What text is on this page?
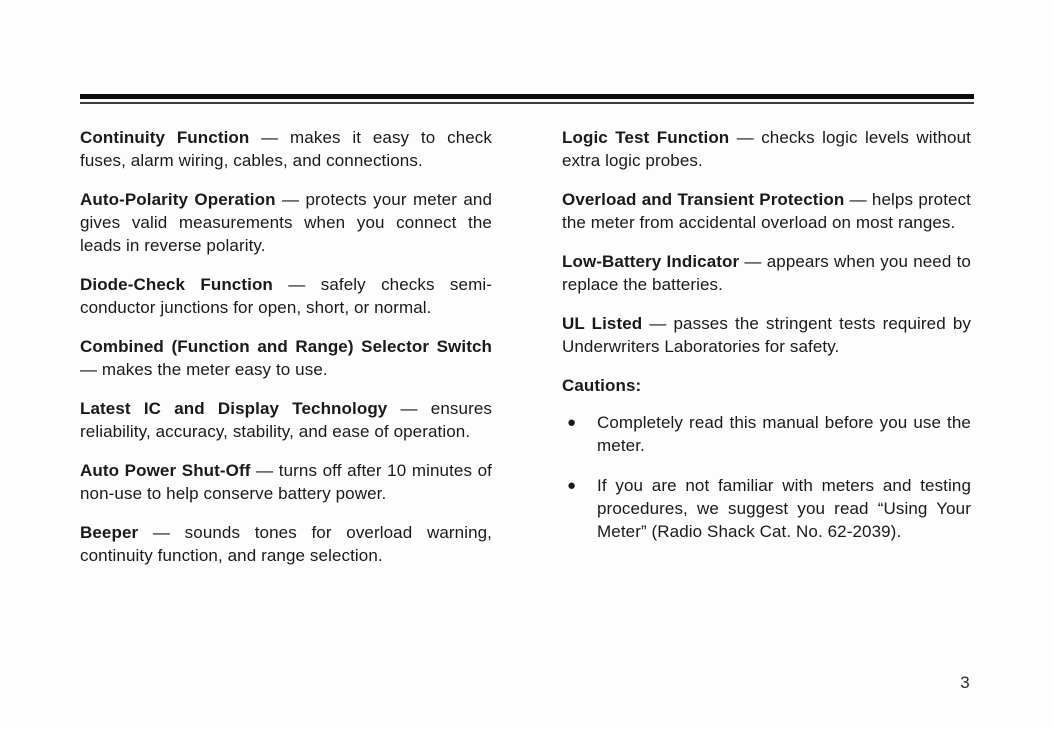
Continuity Function — makes it easy to check fuses, alarm wiring, cables, and connections.

Auto-Polarity Operation — protects your meter and gives valid measurements when you connect the leads in reverse polarity.

Diode-Check Function — safely checks semi-conductor junctions for open, short, or normal.

Combined (Function and Range) Selector Switch — makes the meter easy to use.

Latest IC and Display Technology — ensures reliability, accuracy, stability, and ease of operation.

Auto Power Shut-Off — turns off after 10 minutes of non-use to help conserve battery power.

Beeper — sounds tones for overload warning, continuity function, and range selection.

Logic Test Function — checks logic levels without extra logic probes.

Overload and Transient Protection — helps protect the meter from accidental overload on most ranges.

Low-Battery Indicator — appears when you need to replace the batteries.

UL Listed — passes the stringent tests required by Underwriters Laboratories for safety.

Cautions:

●	Completely read this manual before you use the meter.
●	If you are not familiar with meters and testing procedures, we suggest you read “Using Your Meter” (Radio Shack Cat. No. 62-2039).
3
